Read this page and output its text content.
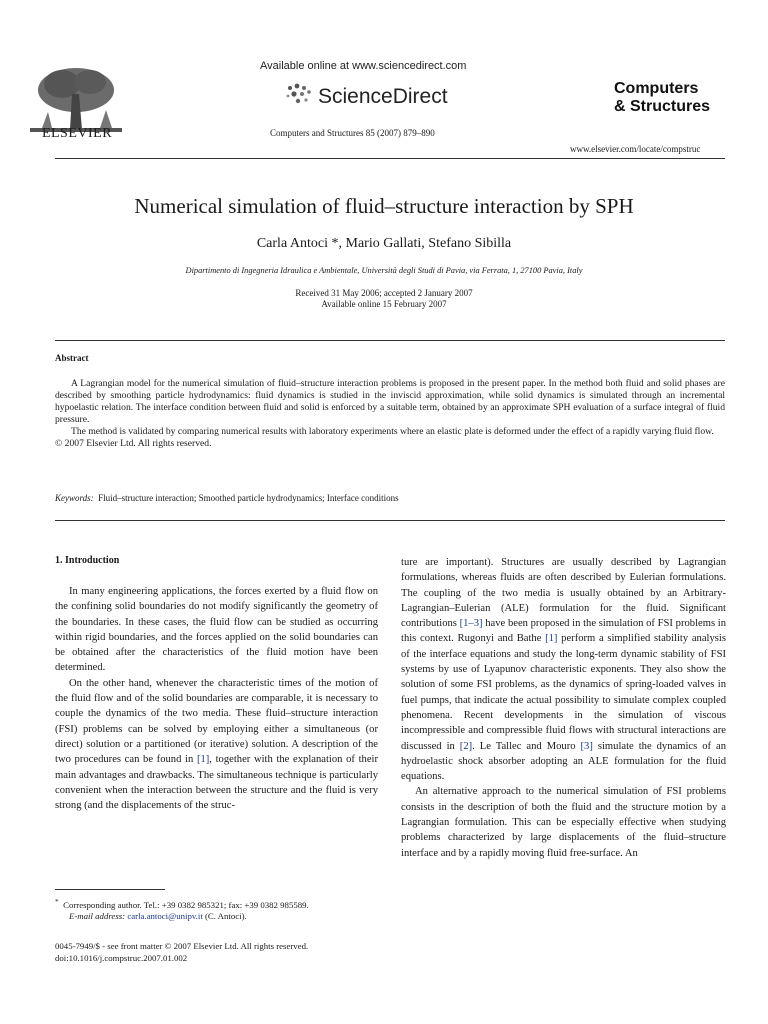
ELSEVIER
Available online at www.sciencedirect.com
ScienceDirect
Computers and Structures 85 (2007) 879–890
Computers
& Structures
www.elsevier.com/locate/compstruc
Numerical simulation of fluid–structure interaction by SPH
Carla Antoci *, Mario Gallati, Stefano Sibilla
Dipartimento di Ingegneria Idraulica e Ambientale, Università degli Studi di Pavia, via Ferrata, 1, 27100 Pavia, Italy
Received 31 May 2006; accepted 2 January 2007
Available online 15 February 2007
Abstract

A Lagrangian model for the numerical simulation of fluid–structure interaction problems is proposed in the present paper. In the method both fluid and solid phases are described by smoothing particle hydrodynamics: fluid dynamics is studied in the inviscid approximation, while solid dynamics is simulated through an incremental hypoelastic relation. The interface condition between fluid and solid is enforced by a suitable term, obtained by an approximate SPH evaluation of a surface integral of fluid pressure.

The method is validated by comparing numerical results with laboratory experiments where an elastic plate is deformed under the effect of a rapidly varying fluid flow.

© 2007 Elsevier Ltd. All rights reserved.

Keywords: Fluid–structure interaction; Smoothed particle hydrodynamics; Interface conditions
1. Introduction

In many engineering applications, the forces exerted by a fluid flow on the confining solid boundaries do not modify significantly the geometry of the boundaries. In these cases, the fluid flow can be studied as occurring within rigid boundaries, and the forces applied on the solid boundaries can be obtained after the characteristics of the fluid motion have been determined.

On the other hand, whenever the characteristic times of the motion of the fluid flow and of the solid boundaries are comparable, it is necessary to couple the dynamics of the two media. These fluid–structure interaction (FSI) problems can be solved by employing either a simultaneous (or direct) solution or a partitioned (or iterative) solution. A description of the two procedures can be found in [1], together with the explanation of their main advantages and drawbacks. The simultaneous technique is particularly convenient when the interaction between the structure and the fluid is very strong (and the displacements of the struc-

ture are important). Structures are usually described by Lagrangian formulations, whereas fluids are often described by Eulerian formulations. The coupling of the two media is usually obtained by an Arbitrary-Lagrangian–Eulerian (ALE) formulation for the fluid. Significant contributions [1–3] have been proposed in the simulation of FSI problems in this context. Rugonyi and Bathe [1] perform a simplified stability analysis of the interface equations and study the long-term dynamic stability of FSI systems by use of Lyapunov characteristic exponents. They also show the solution of some FSI problems, as the dynamics of spring-loaded valves in fuel pumps, that indicate the actual possibility to simulate complex coupled phenomena. Recent developments in the simulation of viscous incompressible and compressible fluid flows with structural interactions are discussed in [2]. Le Tallec and Mouro [3] simulate the dynamics of an hydroelastic shock absorber adopting an ALE formulation for the fluid equations.

An alternative approach to the numerical simulation of FSI problems consists in the description of both the fluid and the structure motion by a Lagrangian formulation. This can be especially effective when studying problems characterized by large displacements of the fluid–structure interface and by a rapidly moving fluid free-surface. An

* Corresponding author. Tel.: +39 0382 985321; fax: +39 0382 985589.
E-mail address: carla.antoci@unipv.it (C. Antoci).
0045-7949/$ - see front matter © 2007 Elsevier Ltd. All rights reserved.
doi:10.1016/j.compstruc.2007.01.002
